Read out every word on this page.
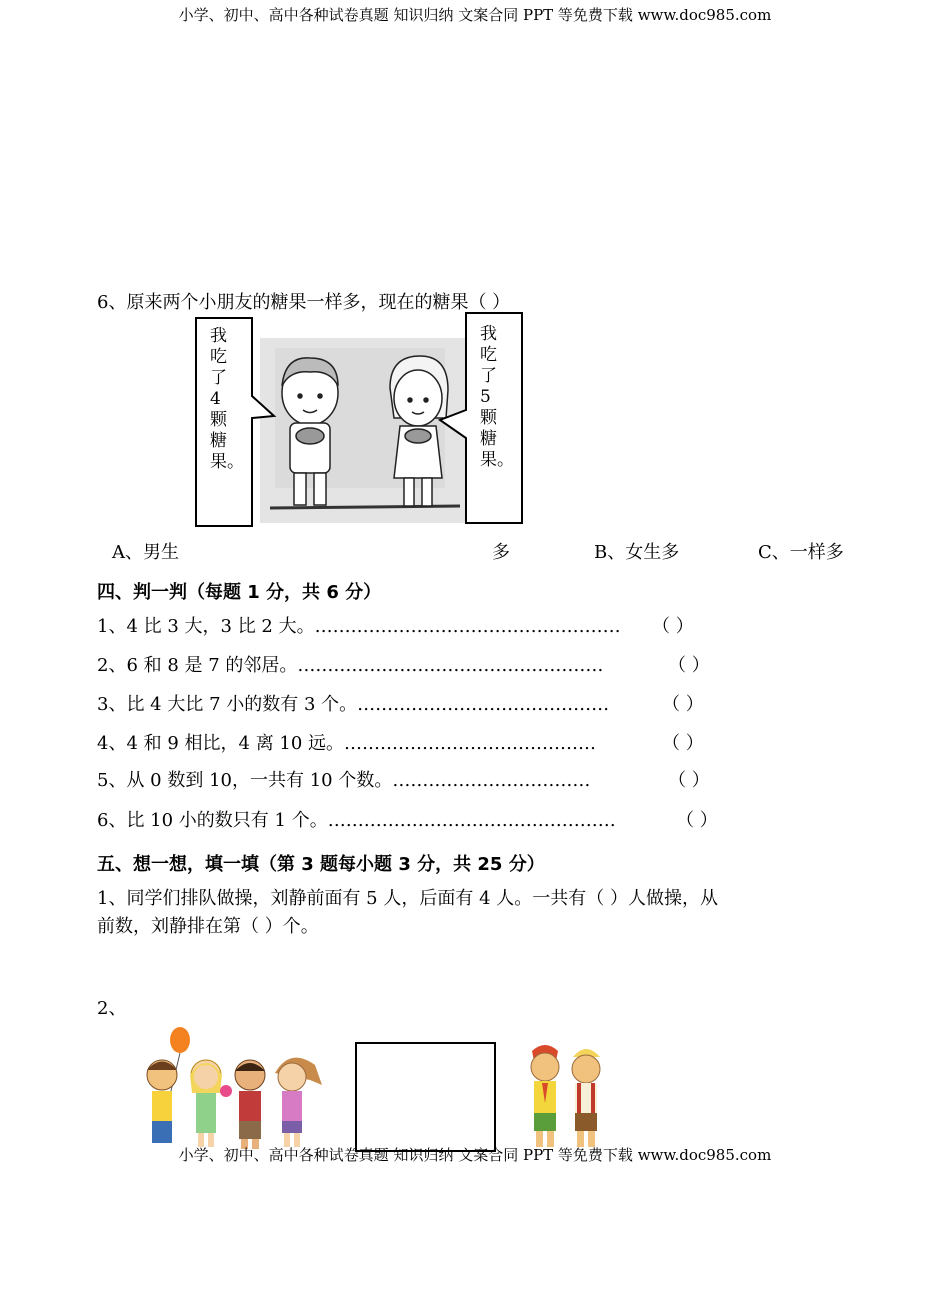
小学、初中、高中各种试卷真题 知识归纳 文案合同 PPT 等免费下载 www.doc985.com
6、原来两个小朋友的糖果一样多，现在的糖果（ ）
我吃了4颗糖果。
我吃了5颗糖果。
A、男生	多	B、女生多	C、一样多
四、判一判（每题 1 分，共 6 分）
1、4 比 3 大，3 比 2 大。…………………………………………… （ ）
2、6 和 8 是 7 的邻居。……………………………………………	（ ）
3、比 4 大比 7 小的数有 3 个。……………………………………	（ ）
4、4 和 9 相比，4 离 10 远。……………………………………	（ ）
5、从 0 数到 10，一共有 10 个数。……………………………	（ ）
6、比 10 小的数只有 1 个。…………………………………………	（ ）
五、想一想，填一填（第 3 题每小题 3 分，共 25 分）
1、同学们排队做操，刘静前面有 5 人，后面有 4 人。一共有（ ）人做操，从
前数，刘静排在第（ ）个。
2、
小学、初中、高中各种试卷真题 知识归纳 文案合同 PPT 等免费下载 www.doc985.com
